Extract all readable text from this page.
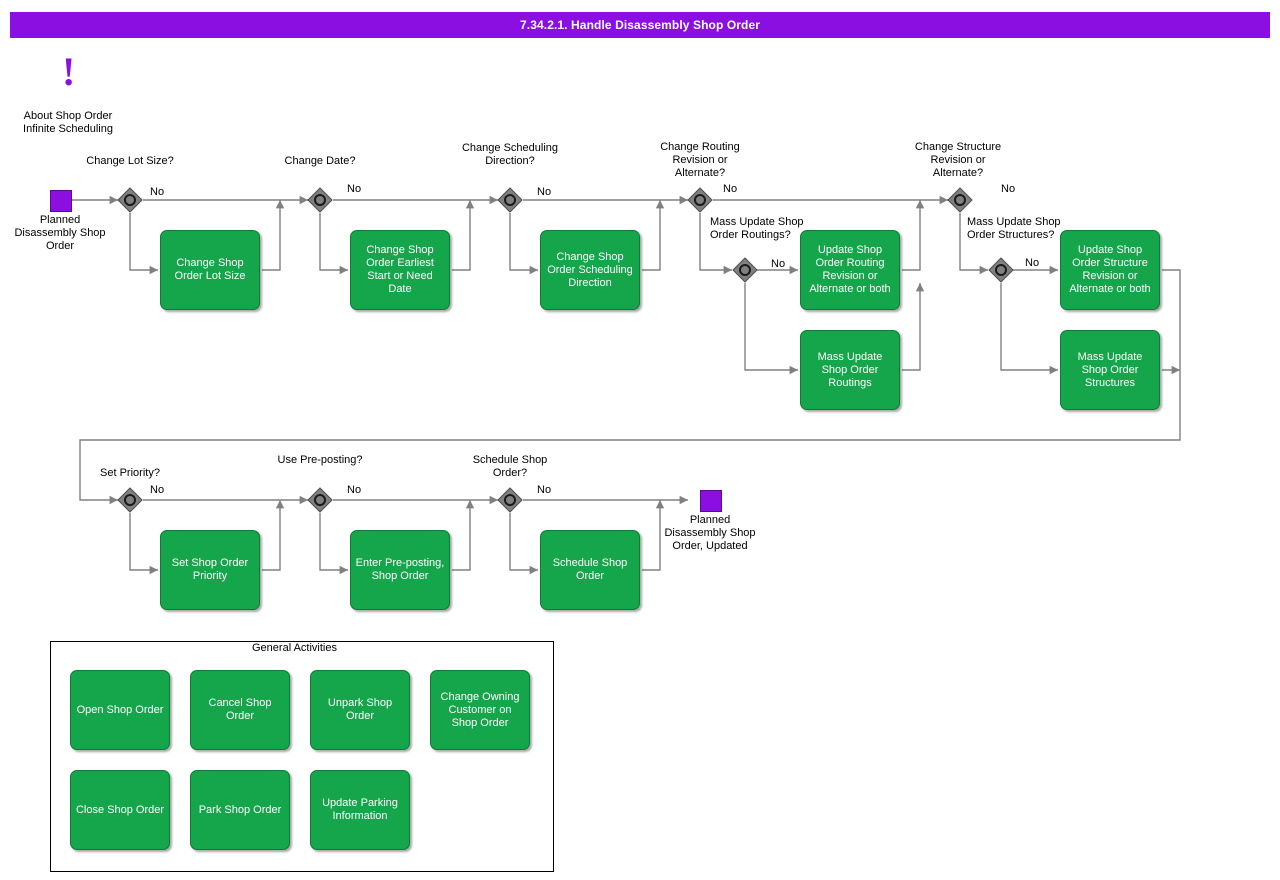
7.34.2.1. Handle Disassembly Shop Order
!
About Shop Order Infinite Scheduling
Planned Disassembly Shop Order
Planned Disassembly Shop Order, Updated
Change Lot Size?
No
Change Date?
No
Change Scheduling Direction?
No
Change Routing Revision or Alternate?
No
Mass Update Shop Order Routings?
No
Change Structure Revision or Alternate?
No
Mass Update Shop Order Structures?
No
Set Priority?
No
Use Pre-posting?
No
Schedule Shop Order?
No
Change Shop Order Lot Size
Change Shop Order Earliest Start or Need Date
Change Shop Order Scheduling Direction
Update Shop Order Routing Revision or Alternate or both
Mass Update Shop Order Routings
Update Shop Order Structure Revision or Alternate or both
Mass Update Shop Order Structures
Set Shop Order Priority
Enter Pre-posting, Shop Order
Schedule Shop Order
General Activities
Open Shop Order
Cancel Shop Order
Unpark Shop Order
Change Owning Customer on Shop Order
Close Shop Order	Park Shop Order
Update Parking Information
